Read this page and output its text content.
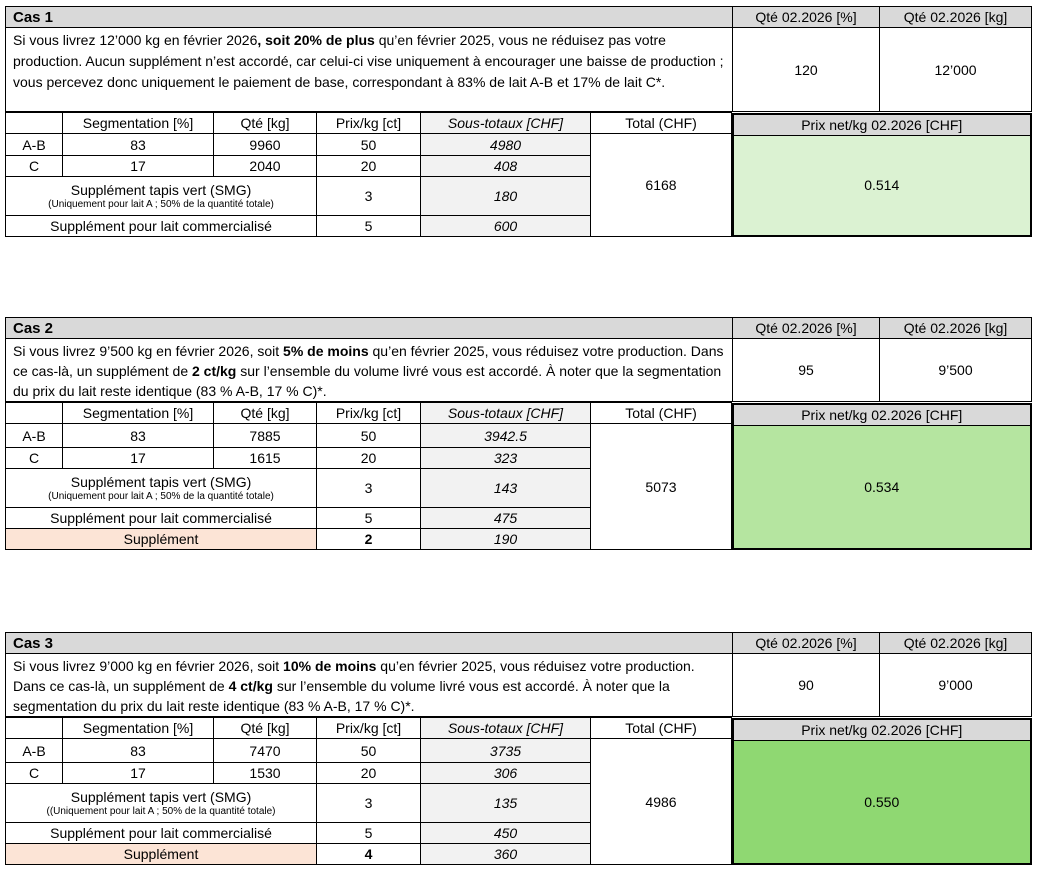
Cas 1	Qté 02.2026 [%]	Qté 02.2026 [kg]
Si vous livrez 12’000 kg en février 2026, soit 20% de plus qu’en février 2025, vous ne réduisez pas votre production. Aucun supplément n’est accordé, car celui-ci vise uniquement à encourager une baisse de production ; vous percevez donc uniquement le paiement de base, correspondant à 83% de lait A-B et 17% de lait C*.	120	12’000
	Segmentation [%]	Qté [kg]	Prix/kg [ct]	Sous-totaux [CHF]	Total (CHF)	Prix net/kg 02.2026 [CHF]
0.514

A-B	83	9960	50	4980	6168	
C	17	2040	20	408		

Supplément tapis vert (SMG)
(Uniquement pour lait A ; 50% de la quantité totale)			3	180		
Supplément pour lait commercialisé			5	600		
Cas 2	Qté 02.2026 [%]	Qté 02.2026 [kg]
Si vous livrez 9’500 kg en février 2026, soit 5% de moins qu’en février 2025, vous réduisez votre production. Dans ce cas-là, un supplément de 2 ct/kg sur l’ensemble du volume livré vous est accordé. À noter que la segmentation du prix du lait reste identique (83 % A-B, 17 % C)*.	95	9’500
	Segmentation [%]	Qté [kg]	Prix/kg [ct]	Sous-totaux [CHF]	Total (CHF)	Prix net/kg 02.2026 [CHF]
0.534

A-B	83	7885	50	3942.5	5073	
C	17	1615	20	323		

Supplément tapis vert (SMG)
(Uniquement pour lait A ; 50% de la quantité totale)			3	143		
Supplément pour lait commercialisé			5	475		
Supplément			2	190		
Cas 3	Qté 02.2026 [%]	Qté 02.2026 [kg]
Si vous livrez 9’000 kg en février 2026, soit 10% de moins qu’en février 2025, vous réduisez votre production. Dans ce cas-là, un supplément de 4 ct/kg sur l’ensemble du volume livré vous est accordé. À noter que la segmentation du prix du lait reste identique (83 % A-B, 17 % C)*.	90	9’000
	Segmentation [%]	Qté [kg]	Prix/kg [ct]	Sous-totaux [CHF]	Total (CHF)	Prix net/kg 02.2026 [CHF]
0.550

A-B	83	7470	50	3735	4986	
C	17	1530	20	306		

Supplément tapis vert (SMG)
((Uniquement pour lait A ; 50% de la quantité totale)			3	135		
Supplément pour lait commercialisé			5	450		
Supplément			4	360		
